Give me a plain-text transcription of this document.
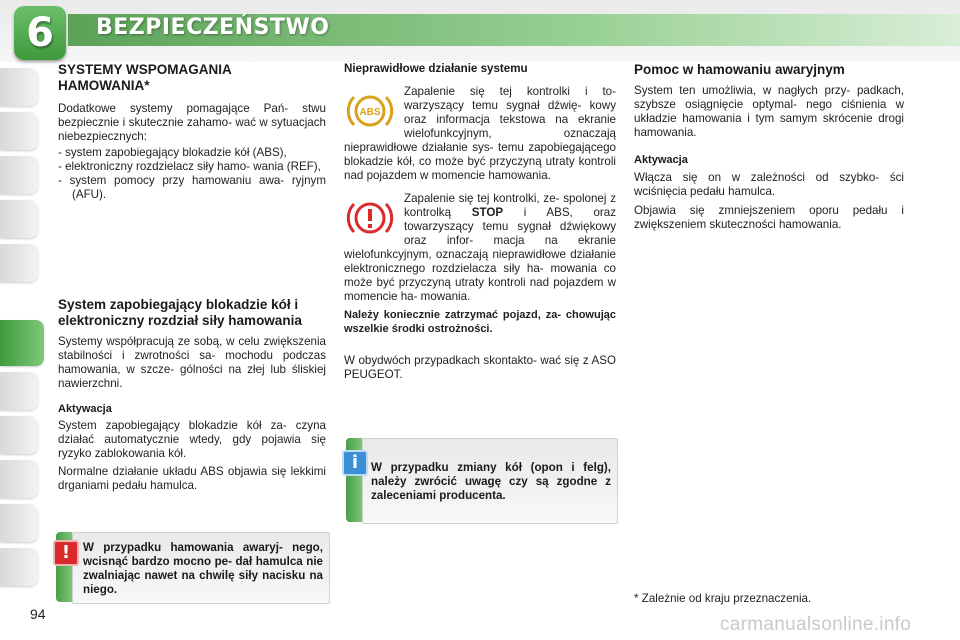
6	BEZPIECZEŃSTWO
SYSTEMY WSPOMAGANIA HAMOWANIA*
Dodatkowe systemy pomagające Pań- stwu bezpiecznie i skutecznie zahamo- wać w sytuacjach niebezpiecznych:
- system zapobiegający blokadzie kół (ABS),
- elektroniczny rozdzielacz siły hamo- wania (REF),
- system pomocy przy hamowaniu awa- ryjnym (AFU).
System zapobiegający blokadzie kół i elektroniczny rozdział siły hamowania
Systemy współpracują ze sobą, w celu zwiększenia stabilności i zwrotności sa- mochodu podczas hamowania, w szcze- gólności na złej lub śliskiej nawierzchni.
Aktywacja
System zapobiegający blokadzie kół za- czyna działać automatycznie wtedy, gdy pojawia się ryzyko zablokowania kół.
Normalne działanie układu ABS objawia się lekkimi drganiami pedału hamulca.
W przypadku hamowania awaryj- nego, wcisnąć bardzo mocno pe- dał hamulca nie zwalniając nawet na chwilę siły nacisku na niego.
!
Nieprawidłowe działanie systemu
ABS
Zapalenie się tej kontrolki i to- warzyszący temu sygnał dźwię- kowy oraz informacja tekstowa na ekranie wielofunkcyjnym, oznaczają nieprawidłowe działanie sys- temu zapobiegającego blokadzie kół, co może być przyczyną utraty kontroli nad pojazdem w momencie hamowania.
Zapalenie się tej kontrolki, ze- spolonej z kontrolką STOP i ABS, oraz towarzyszący temu sygnał dźwiękowy oraz infor- macja na ekranie wielofunkcyjnym, oznaczają nieprawidłowe działanie elektronicznego rozdzielacza siły ha- mowania co może być przyczyną utraty kontroli nad pojazdem w momencie ha- mowania.
Należy koniecznie zatrzymać pojazd, za- chowując wszelkie środki ostrożności.
W obydwóch przypadkach skontakto- wać się z ASO PEUGEOT.
W przypadku zmiany kół (opon i felg), należy zwrócić uwagę czy są zgodne z zaleceniami producenta.
i
Pomoc w hamowaniu awaryjnym
System ten umożliwia, w nagłych przy- padkach, szybsze osiągnięcie optymal- nego ciśnienia w układzie hamowania i tym samym skrócenie drogi hamowania.
Aktywacja
Włącza się on w zależności od szybko- ści wciśnięcia pedału hamulca.
Objawia się zmniejszeniem oporu pedału i zwiększeniem skuteczności hamowania.
* Zależnie od kraju przeznaczenia.
94	carmanualsonline.info
